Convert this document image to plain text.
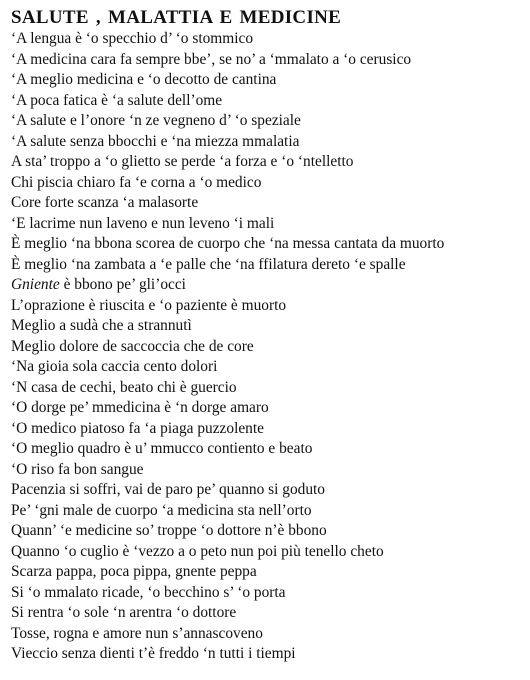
SALUTE , MALATTIA E MEDICINE
‘A lengua è ‘o specchio d’ ‘o stommico
‘A medicina cara fa sempre bbe’, se no’ a ‘mmalato a ‘o cerusico
‘A meglio medicina e ‘o decotto de cantina
‘A poca fatica è ‘a salute dell’ome
‘A salute e l’onore ‘n ze vegneno d’ ‘o speziale
‘A salute senza bbocchi e ‘na miezza mmalatia
A sta’ troppo a ‘o glietto se perde ‘a forza e ‘o ‘ntelletto
Chi piscia chiaro fa ‘e corna a ‘o medico
Core forte scanza ‘a malasorte
‘E lacrime nun laveno e nun leveno ‘i mali
È meglio ‘na bbona scorea de cuorpo che ‘na messa cantata da muorto
È meglio ‘na zambata a ‘e palle che ‘na ffilatura dereto ‘e spalle
Gniente è bbono pe’ gli’occi
L’oprazione è riuscita e ‘o paziente è muorto
Meglio a sudà che a strannutì
Meglio dolore de saccoccia che de core
‘Na gioia sola caccia cento dolori
‘N casa de cechi, beato chi è guercio
‘O dorge pe’ mmedicina è ‘n dorge amaro
‘O medico piatoso fa ‘a piaga puzzolente
‘O meglio quadro è u’ mmucco contiento e beato
‘O riso fa bon sangue
Pacenzia si soffri, vai de paro pe’ quanno si goduto
Pe’ ‘gni male de cuorpo ‘a medicina sta nell’orto
Quann’ ‘e medicine so’ troppe ‘o dottore n’è bbono
Quanno ‘o cuglio è ‘vezzo a o peto nun poi più tenello cheto
Scarza pappa, poca pippa, gnente peppa
Si ‘o mmalato ricade, ‘o becchino s’ ‘o porta
Si rentra ‘o sole ‘n arentra ‘o dottore
Tosse, rogna e amore nun s’annascoveno
Vieccio senza dienti t’è freddo ‘n tutti i tiempi
